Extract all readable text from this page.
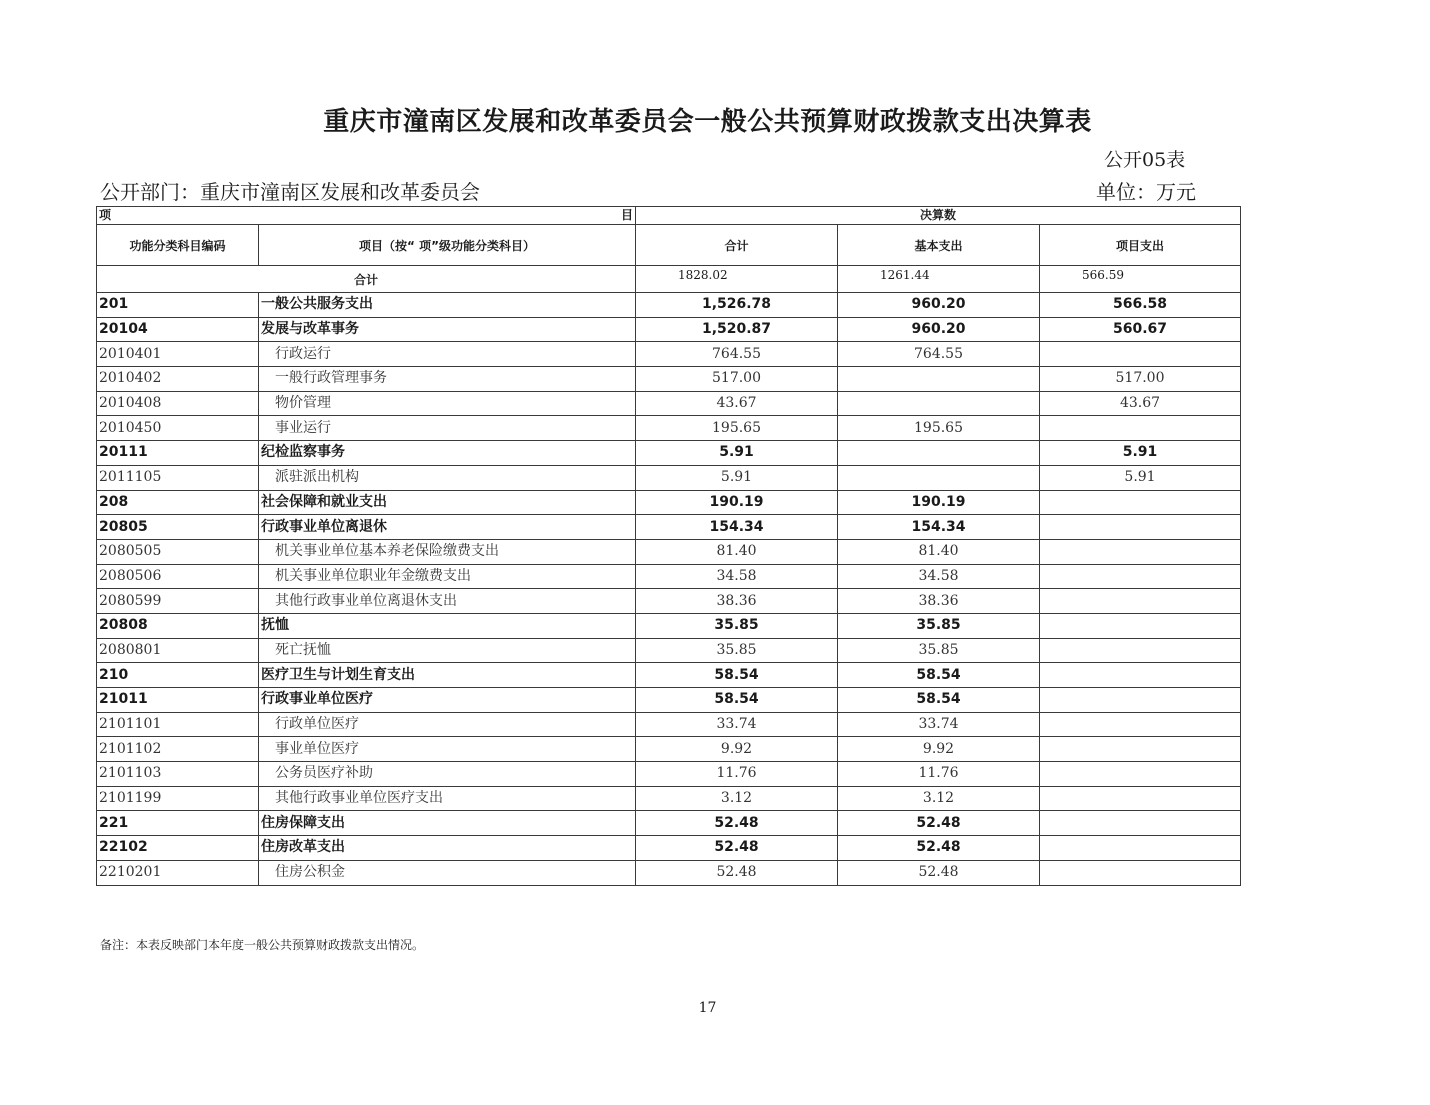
重庆市潼南区发展和改革委员会一般公共预算财政拨款支出决算表
公开05表
公开部门：重庆市潼南区发展和改革委员会	单位：万元
项 目		决算数		
功能分类科目编码	项目（按“ 项”级功能分类科目）	合计	基本支出	项目支出
合计		1828.02	1261.44	566.59
201	一般公共服务支出	1,526.78	960.20	566.58
20104	发展与改革事务	1,520.87	960.20	560.67
2010401	行政运行	764.55	764.55	
2010402	一般行政管理事务	517.00		517.00
2010408	物价管理	43.67		43.67
2010450	事业运行	195.65	195.65	
20111	纪检监察事务	5.91		5.91
2011105	派驻派出机构	5.91		5.91
208	社会保障和就业支出	190.19	190.19	
20805	行政事业单位离退休	154.34	154.34	
2080505	机关事业单位基本养老保险缴费支出	81.40	81.40	
2080506	机关事业单位职业年金缴费支出	34.58	34.58	
2080599	其他行政事业单位离退休支出	38.36	38.36	
20808	抚恤	35.85	35.85	
2080801	死亡抚恤	35.85	35.85	
210	医疗卫生与计划生育支出	58.54	58.54	
21011	行政事业单位医疗	58.54	58.54	
2101101	行政单位医疗	33.74	33.74	
2101102	事业单位医疗	9.92	9.92	
2101103	公务员医疗补助	11.76	11.76	
2101199	其他行政事业单位医疗支出	3.12	3.12	
221	住房保障支出	52.48	52.48	
22102	住房改革支出	52.48	52.48	
2210201	住房公积金	52.48	52.48	
备注：本表反映部门本年度一般公共预算财政拨款支出情况。
17
